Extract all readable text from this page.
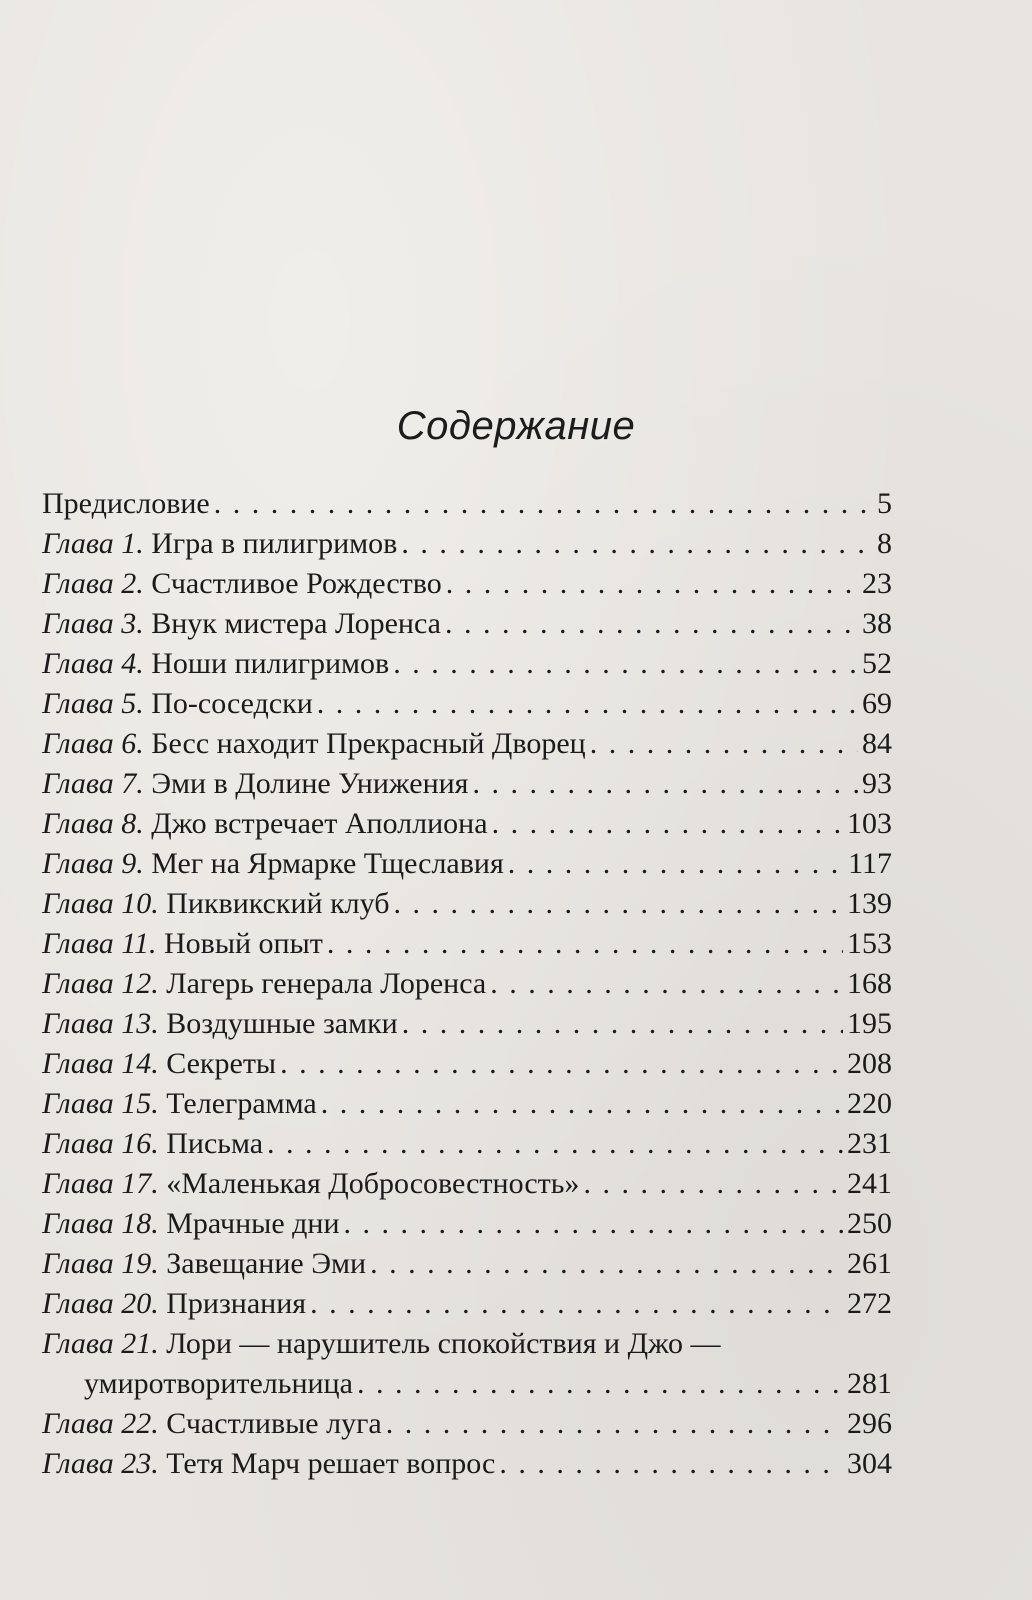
Содержание
Предисловие . . .	5
Глава 1. Игра в пилигримов . . .	8
Глава 2. Счастливое Рождество . . .	23
Глава 3. Внук мистера Лоренса . . .	38
Глава 4. Ноши пилигримов . . .	52
Глава 5. По-соседски . . .	69
Глава 6. Бесс находит Прекрасный Дворец . . .	84
Глава 7. Эми в Долине Унижения . . .	93
Глава 8. Джо встречает Аполлиона . . .	103
Глава 9. Мег на Ярмарке Тщеславия . . .	117
Глава 10. Пиквикский клуб . . .	139
Глава 11. Новый опыт . . .	153
Глава 12. Лагерь генерала Лоренса . . .	168
Глава 13. Воздушные замки . . .	195
Глава 14. Секреты . . .	208
Глава 15. Телеграмма . . .	220
Глава 16. Письма . . .	231
Глава 17. «Маленькая Добросовестность» . . .	241
Глава 18. Мрачные дни . . .	250
Глава 19. Завещание Эми . . .	261
Глава 20. Признания . . .	272
Глава 21. Лори — нарушитель спокойствия и Джо —
умиротворительница . . .	281
Глава 22. Счастливые луга . . .	296
Глава 23. Тетя Марч решает вопрос . . .	304
